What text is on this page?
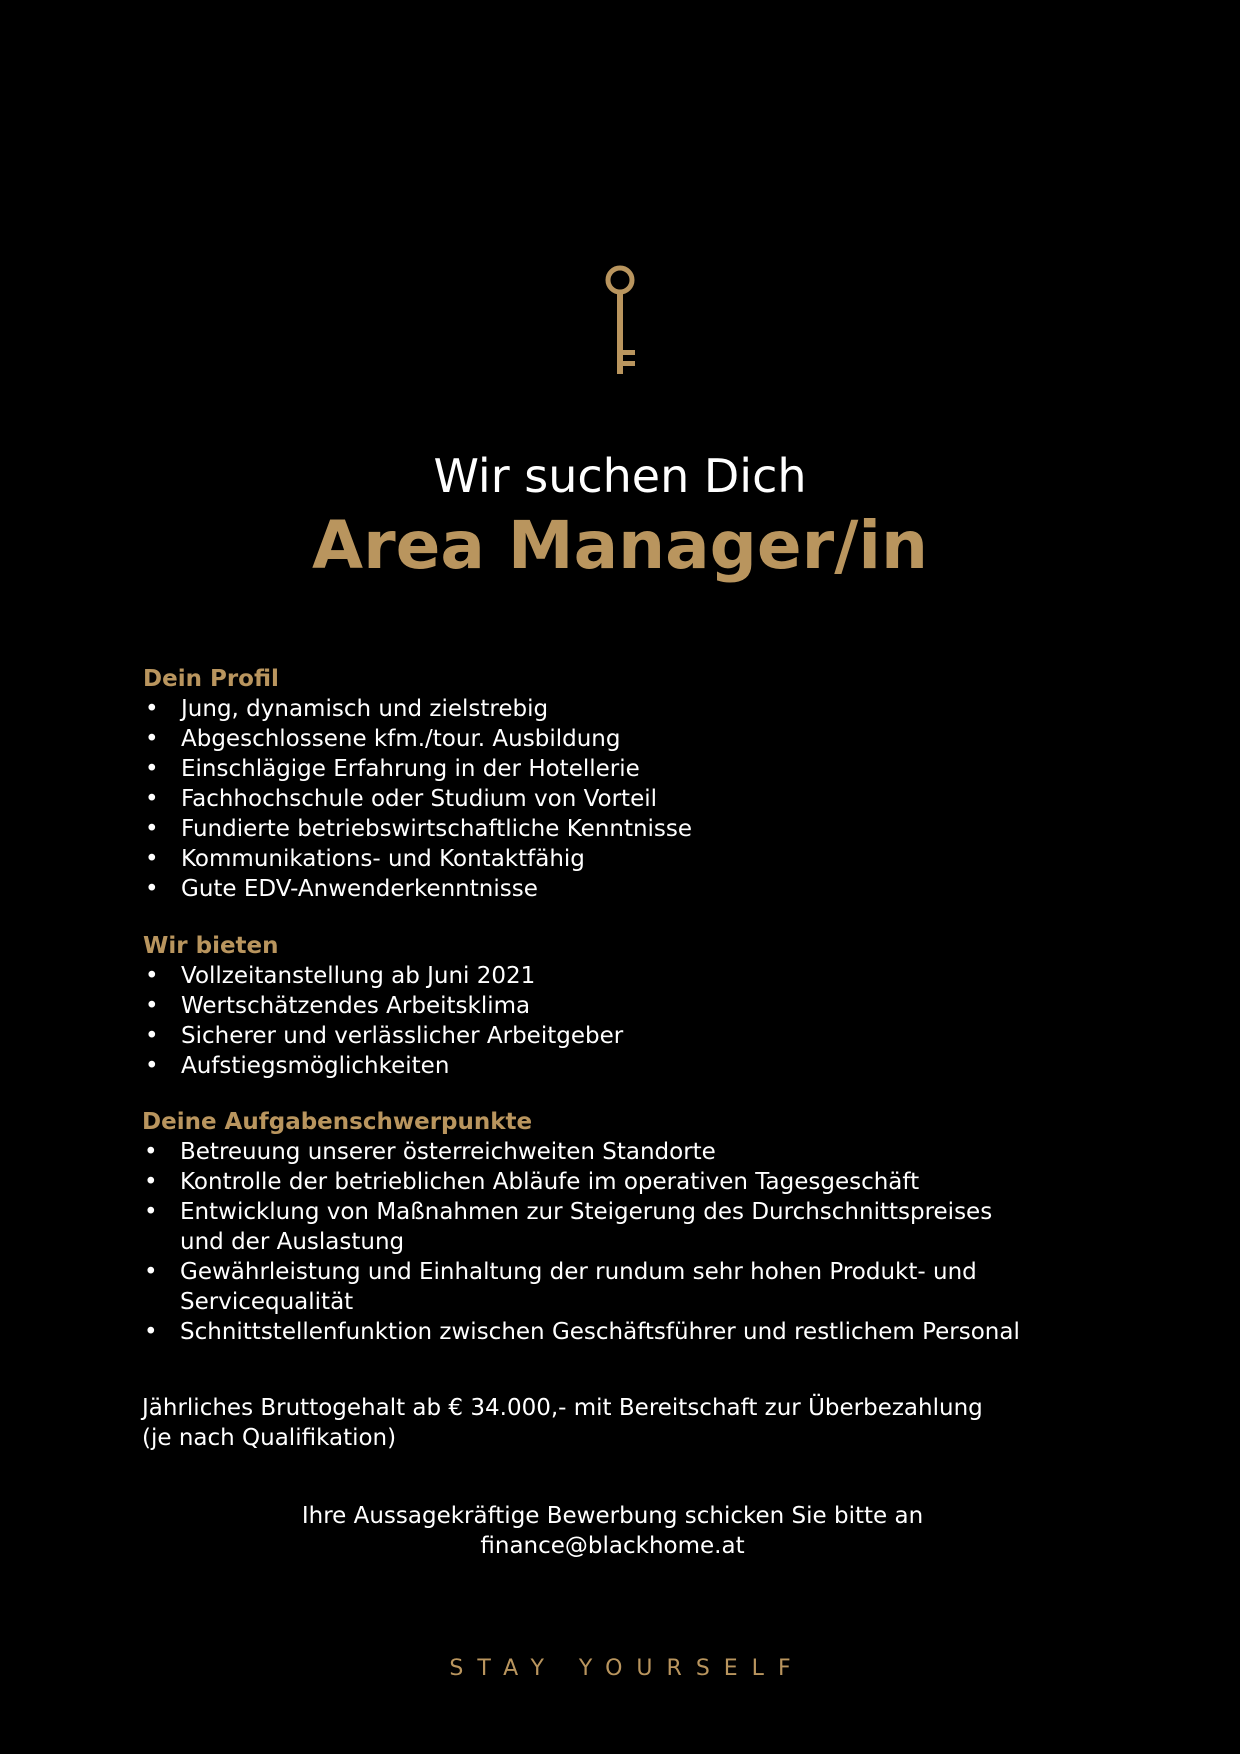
Wir suchen Dich
Area Manager/in
Dein Profil
• Jung, dynamisch und zielstrebig
• Abgeschlossene kfm./tour. Ausbildung
• Einschlägige Erfahrung in der Hotellerie
• Fachhochschule oder Studium von Vorteil
• Fundierte betriebswirtschaftliche Kenntnisse
• Kommunikations- und Kontaktfähig
• Gute EDV-Anwenderkenntnisse
Wir bieten
• Vollzeitanstellung ab Juni 2021
• Wertschätzendes Arbeitsklima
• Sicherer und verlässlicher Arbeitgeber
• Aufstiegsmöglichkeiten
Deine Aufgabenschwerpunkte
• Betreuung unserer österreichweiten Standorte
• Kontrolle der betrieblichen Abläufe im operativen Tagesgeschäft
• Entwicklung von Maßnahmen zur Steigerung des Durchschnittspreises und der Auslastung
• Gewährleistung und Einhaltung der rundum sehr hohen Produkt- und Servicequalität
• Schnittstellenfunktion zwischen Geschäftsführer und restlichem Personal
Jährliches Bruttogehalt ab € 34.000,- mit Bereitschaft zur Überbezahlung
(je nach Qualifikation)
Ihre Aussagekräftige Bewerbung schicken Sie bitte an
finance@blackhome.at
STAY YOURSELF
